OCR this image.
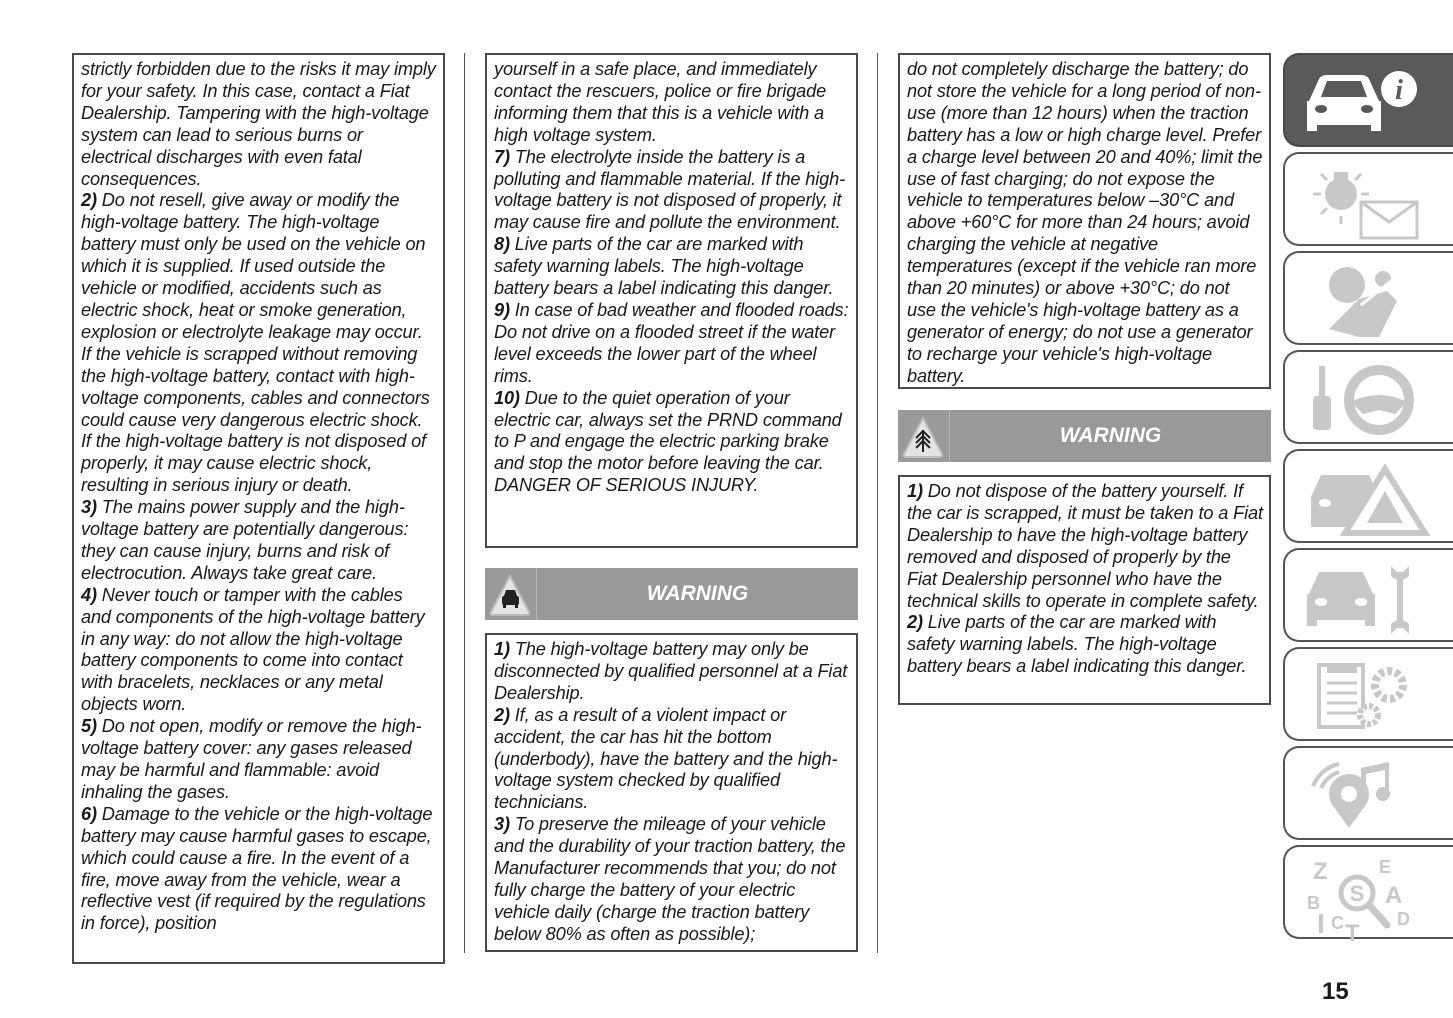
strictly forbidden due to the risks it may imply for your safety. In this case, contact a Fiat Dealership. Tampering with the high-voltage system can lead to serious burns or electrical discharges with even fatal consequences.

2) Do not resell, give away or modify the high-voltage battery. The high-voltage battery must only be used on the vehicle on which it is supplied. If used outside the vehicle or modified, accidents such as electric shock, heat or smoke generation, explosion or electrolyte leakage may occur. If the vehicle is scrapped without removing the high-voltage battery, contact with high-voltage components, cables and connectors could cause very dangerous electric shock. If the high-voltage battery is not disposed of properly, it may cause electric shock, resulting in serious injury or death.

3) The mains power supply and the high-voltage battery are potentially dangerous: they can cause injury, burns and risk of electrocution. Always take great care.

4) Never touch or tamper with the cables and components of the high-voltage battery in any way: do not allow the high-voltage battery components to come into contact with bracelets, necklaces or any metal objects worn.

5) Do not open, modify or remove the high-voltage battery cover: any gases released may be harmful and flammable: avoid inhaling the gases.

6) Damage to the vehicle or the high-voltage battery may cause harmful gases to escape, which could cause a fire. In the event of a fire, move away from the vehicle, wear a reflective vest (if required by the regulations in force), position

yourself in a safe place, and immediately contact the rescuers, police or fire brigade informing them that this is a vehicle with a high voltage system.

7) The electrolyte inside the battery is a polluting and flammable material. If the high-voltage battery is not disposed of properly, it may cause fire and pollute the environment.

8) Live parts of the car are marked with safety warning labels. The high-voltage battery bears a label indicating this danger.

9) In case of bad weather and flooded roads: Do not drive on a flooded street if the water level exceeds the lower part of the wheel rims.

10) Due to the quiet operation of your electric car, always set the PRND command to P and engage the electric parking brake and stop the motor before leaving the car. DANGER OF SERIOUS INJURY.

WARNING

1) The high-voltage battery may only be disconnected by qualified personnel at a Fiat Dealership.

2) If, as a result of a violent impact or accident, the car has hit the bottom (underbody), have the battery and the high-voltage system checked by qualified technicians.

3) To preserve the mileage of your vehicle and the durability of your traction battery, the Manufacturer recommends that you; do not fully charge the battery of your electric vehicle daily (charge the traction battery below 80% as often as possible);

do not completely discharge the battery; do not store the vehicle for a long period of non-use (more than 12 hours) when the traction battery has a low or high charge level. Prefer a charge level between 20 and 40%; limit the use of fast charging; do not expose the vehicle to temperatures below –30°C and above +60°C for more than 24 hours; avoid charging the vehicle at negative temperatures (except if the vehicle ran more than 20 minutes) or above +30°C; do not use the vehicle's high-voltage battery as a generator of energy; do not use a generator to recharge your vehicle's high-voltage battery.

WARNING

1) Do not dispose of the battery yourself. If the car is scrapped, it must be taken to a Fiat Dealership to have the high-voltage battery removed and disposed of properly by the Fiat Dealership personnel who have the technical skills to operate in complete safety.

2) Live parts of the car are marked with safety warning labels. The high-voltage battery bears a label indicating this danger.

i
Z
B
I C T
E
A
D
S
15
